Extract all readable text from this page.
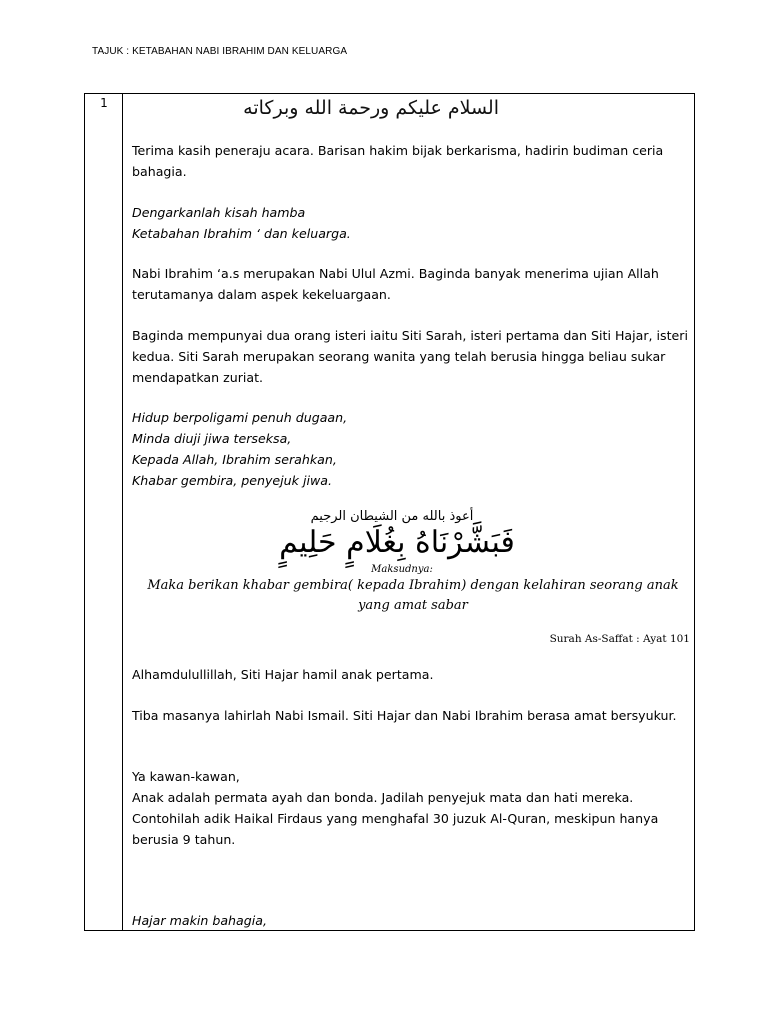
TAJUK : KETABAHAN NABI IBRAHIM DAN KELUARGA
1	السلام عليكم ورحمة الله وبركاته

Terima kasih peneraju acara. Barisan hakim bijak berkarisma, hadirin budiman ceria bahagia.

Dengarkanlah kisah hamba
Ketabahan Ibrahim ‘ dan keluarga.

Nabi Ibrahim ‘a.s merupakan Nabi Ulul Azmi. Baginda banyak menerima ujian Allah terutamanya dalam aspek kekeluargaan.

Baginda mempunyai dua orang isteri iaitu Siti Sarah, isteri pertama dan Siti Hajar, isteri kedua. Siti Sarah merupakan seorang wanita yang telah berusia hingga beliau sukar mendapatkan zuriat.

Hidup berpoligami penuh dugaan,
Minda diuji jiwa terseksa,
Kepada Allah, Ibrahim serahkan,
Khabar gembira, penyejuk jiwa.

أعوذ بالله من الشيطان الرجيم
فَبَشَّرْنَاهُ بِغُلَامٍ حَلِيمٍ
Maksudnya:
Maka berikan khabar gembira( kepada Ibrahim) dengan kelahiran seorang anak yang amat sabar
Surah As-Saffat : Ayat 101

Alhamdulullillah, Siti Hajar hamil anak pertama.

Tiba masanya lahirlah Nabi Ismail. Siti Hajar dan Nabi Ibrahim berasa amat bersyukur.

Ya kawan-kawan,
Anak adalah permata ayah dan bonda. Jadilah penyejuk mata dan hati mereka. Contohilah adik Haikal Firdaus yang menghafal 30 juzuk Al-Quran, meskipun hanya berusia 9 tahun.

Hajar makin bahagia,
